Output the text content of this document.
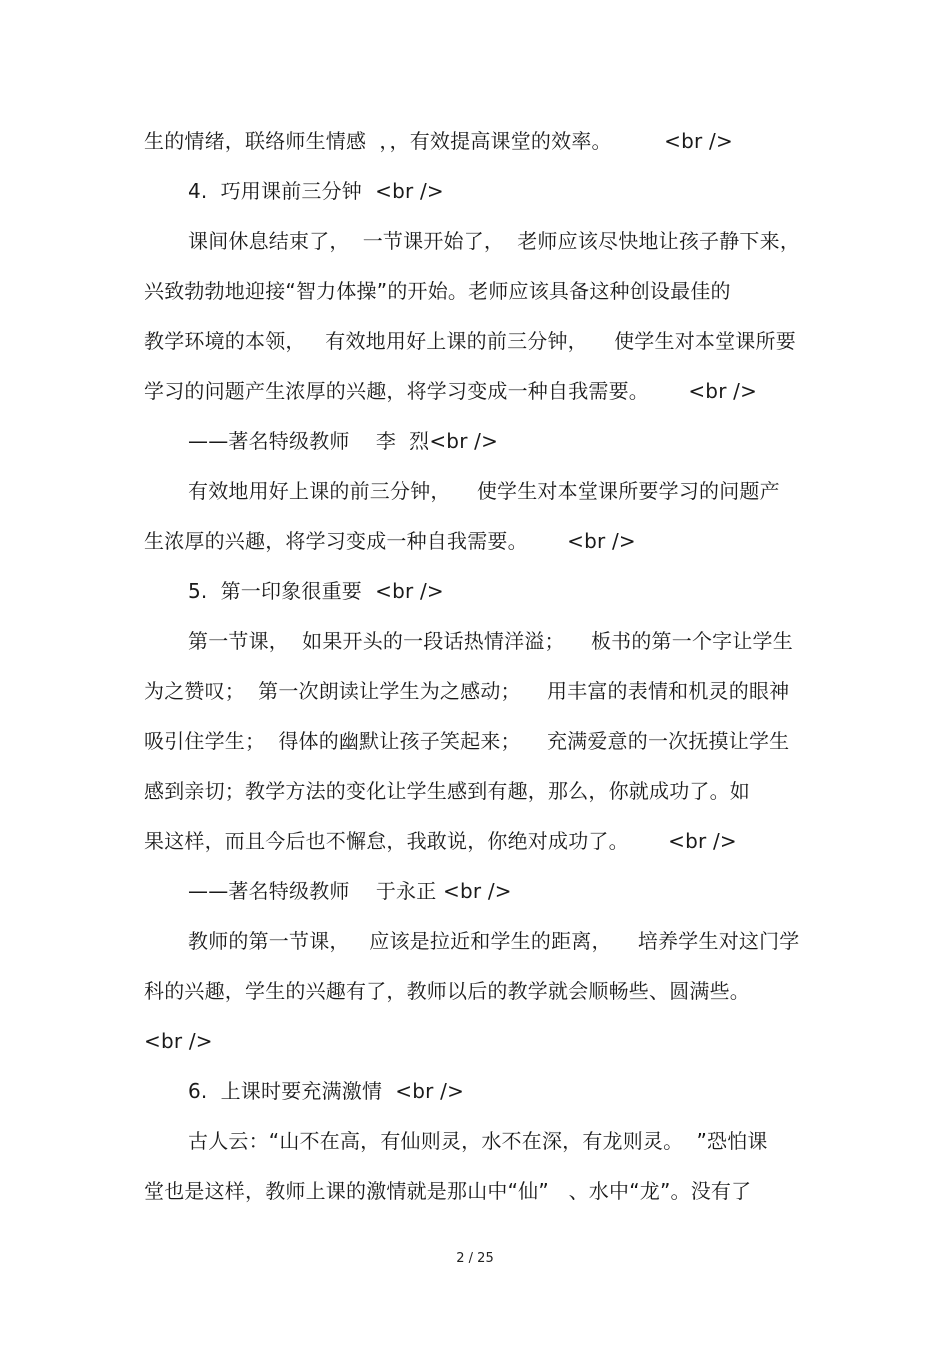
生的情绪，联络师生情感  ，，有效提高课堂的效率。        <br />

4.  巧用课前三分钟  <br />

课间休息结束了，  一节课开始了，  老师应该尽快地让孩子静下来，

兴致勃勃地迎接“智力体操”的开始。老师应该具备这种创设最佳的

教学环境的本领，   有效地用好上课的前三分钟，    使学生对本堂课所要

学习的问题产生浓厚的兴趣，将学习变成一种自我需要。      <br />

——著名特级教师    李  烈<br />

有效地用好上课的前三分钟，    使学生对本堂课所要学习的问题产

生浓厚的兴趣，将学习变成一种自我需要。      <br />

5.  第一印象很重要  <br />

第一节课，  如果开头的一段话热情洋溢；    板书的第一个字让学生

为之赞叹；  第一次朗读让学生为之感动；    用丰富的表情和机灵的眼神

吸引住学生；  得体的幽默让孩子笑起来；    充满爱意的一次抚摸让学生

感到亲切；教学方法的变化让学生感到有趣，那么，你就成功了。如

果这样，而且今后也不懈怠，我敢说，你绝对成功了。      <br />

——著名特级教师    于永正 <br />

教师的第一节课，   应该是拉近和学生的距离，    培养学生对这门学

科的兴趣，学生的兴趣有了，教师以后的教学就会顺畅些、圆满些。

<br />

6.  上课时要充满激情  <br />

古人云：“山不在高，有仙则灵，水不在深，有龙则灵。  ”恐怕课

堂也是这样，教师上课的激情就是那山中“仙”   、水中“龙”。没有了

2 / 25
